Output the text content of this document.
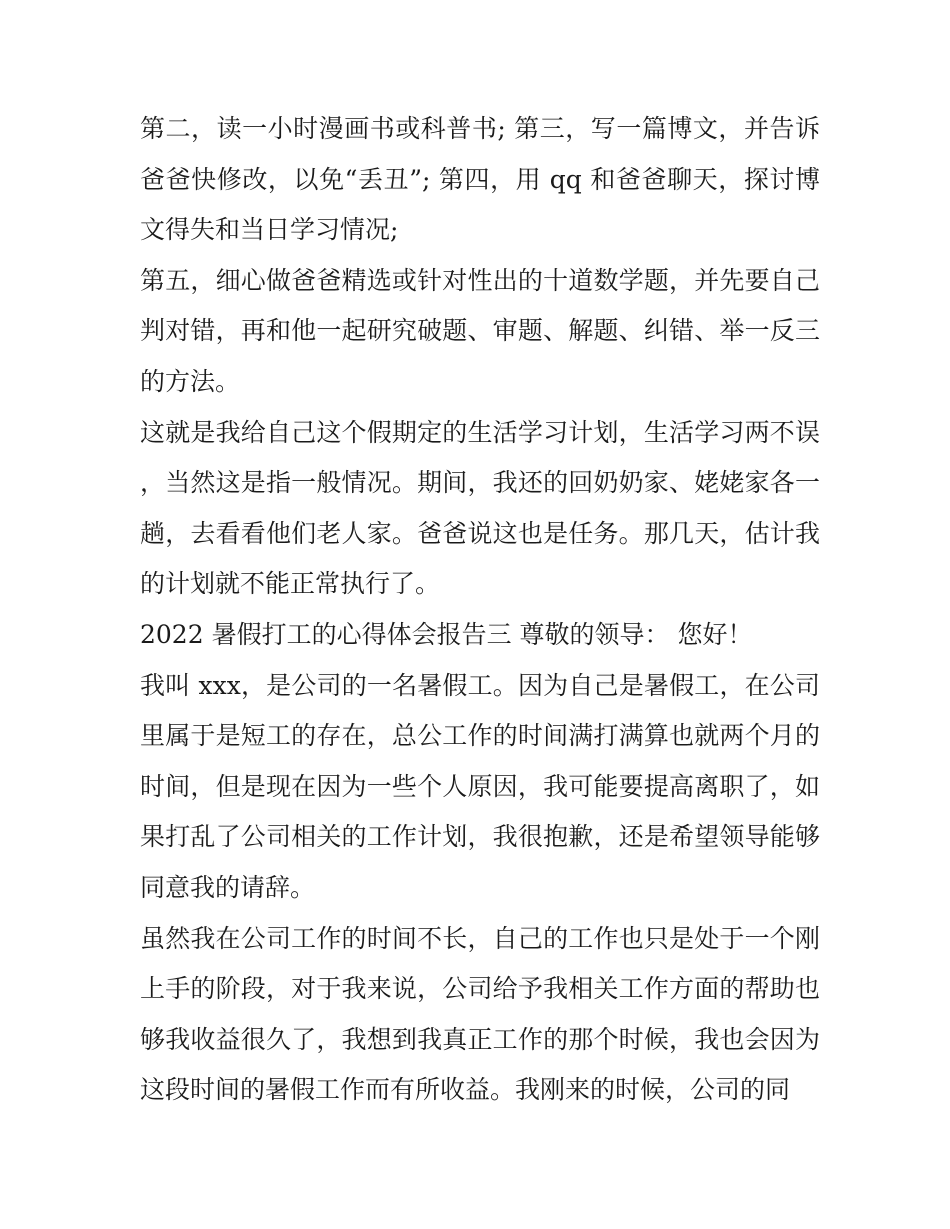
第二，读一小时漫画书或科普书; 第三，写一篇博文，并告诉爸爸快修改，以免“丢丑”; 第四，用 qq 和爸爸聊天，探讨博文得失和当日学习情况;

第五，细心做爸爸精选或针对性出的十道数学题，并先要自己判对错，再和他一起研究破题、审题、解题、纠错、举一反三的方法。

这就是我给自己这个假期定的生活学习计划，生活学习两不误，当然这是指一般情况。期间，我还的回奶奶家、姥姥家各一趟，去看看他们老人家。爸爸说这也是任务。那几天，估计我的计划就不能正常执行了。

2022 暑假打工的心得体会报告三 尊敬的领导： 您好！

我叫 xxx，是公司的一名暑假工。因为自己是暑假工，在公司里属于是短工的存在，总公工作的时间满打满算也就两个月的时间，但是现在因为一些个人原因，我可能要提高离职了，如果打乱了公司相关的工作计划，我很抱歉，还是希望领导能够同意我的请辞。

虽然我在公司工作的时间不长，自己的工作也只是处于一个刚上手的阶段，对于我来说，公司给予我相关工作方面的帮助也够我收益很久了，我想到我真正工作的那个时候，我也会因为这段时间的暑假工作而有所收益。我刚来的时候，公司的同
